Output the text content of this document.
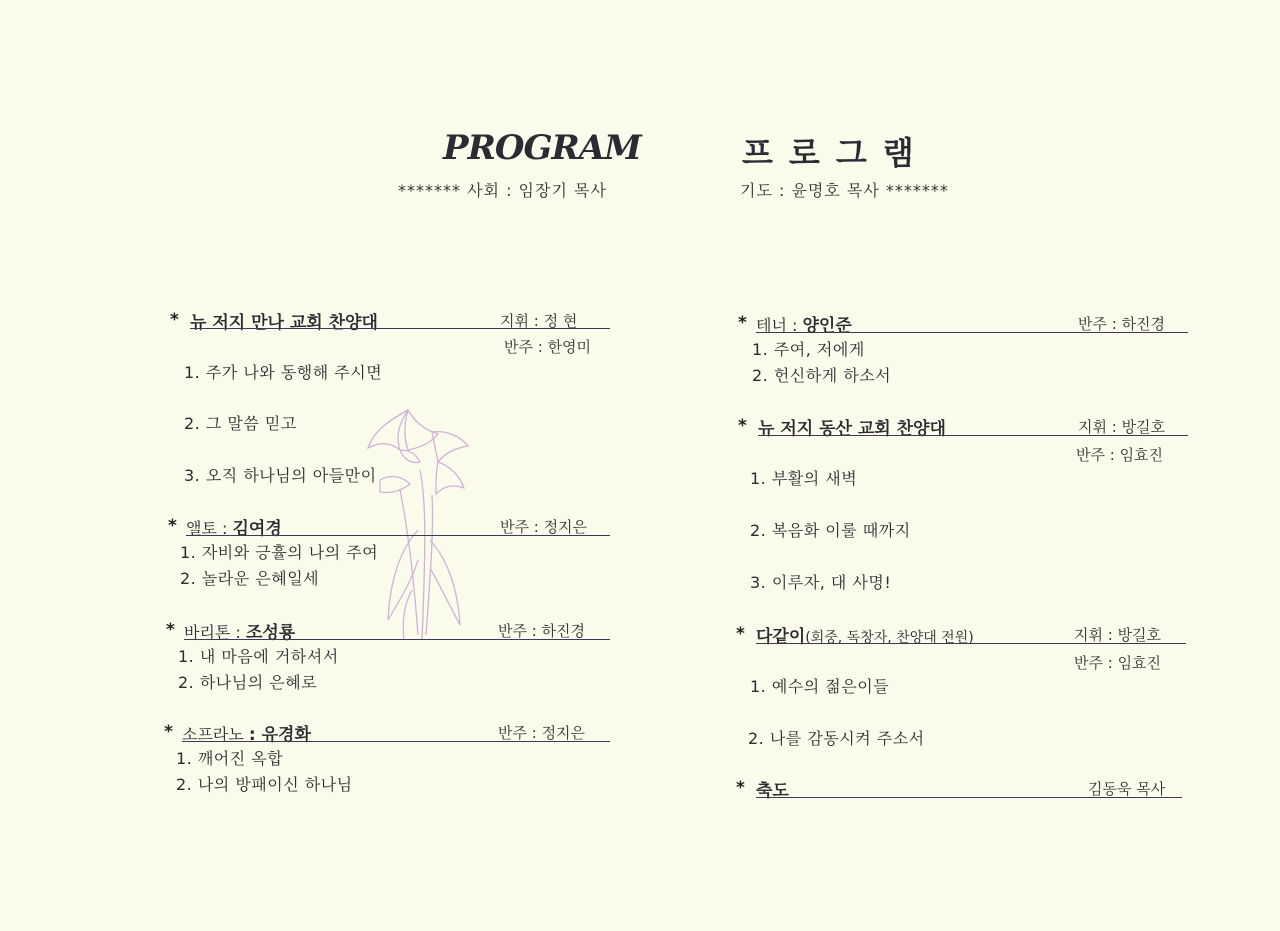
PROGRAM	프로그램
******* 사회 : 임장기 목사	기도 : 윤명호 목사 *******
* 뉴 저지 만나 교회 찬양대	지휘 : 정 현
반주 : 한영미
1. 주가 나와 동행해 주시면
2. 그 말씀 믿고
3. 오직 하나님의 아들만이
* 앨토 : 김여경	반주 : 정지은
1. 자비와 긍휼의 나의 주여
2. 놀라운 은혜일세
* 바리톤 : 조성룡	반주 : 하진경
1. 내 마음에 거하셔서
2. 하나님의 은혜로
* 소프라노 : 유경화	반주 : 정지은
1. 깨어진 옥합
2. 나의 방패이신 하나님
* 테너 : 양인준	반주 : 하진경
1. 주여, 저에게
2. 헌신하게 하소서
* 뉴 저지 동산 교회 찬양대	지휘 : 방길호
반주 : 임효진
1. 부활의 새벽
2. 복음화 이룰 때까지
3. 이루자, 대 사명!
* 다같이(회중, 독창자, 찬양대 전원)	지휘 : 방길호
반주 : 임효진
1. 예수의 젊은이들
2. 나를 감동시켜 주소서
* 축도	김동욱 목사
